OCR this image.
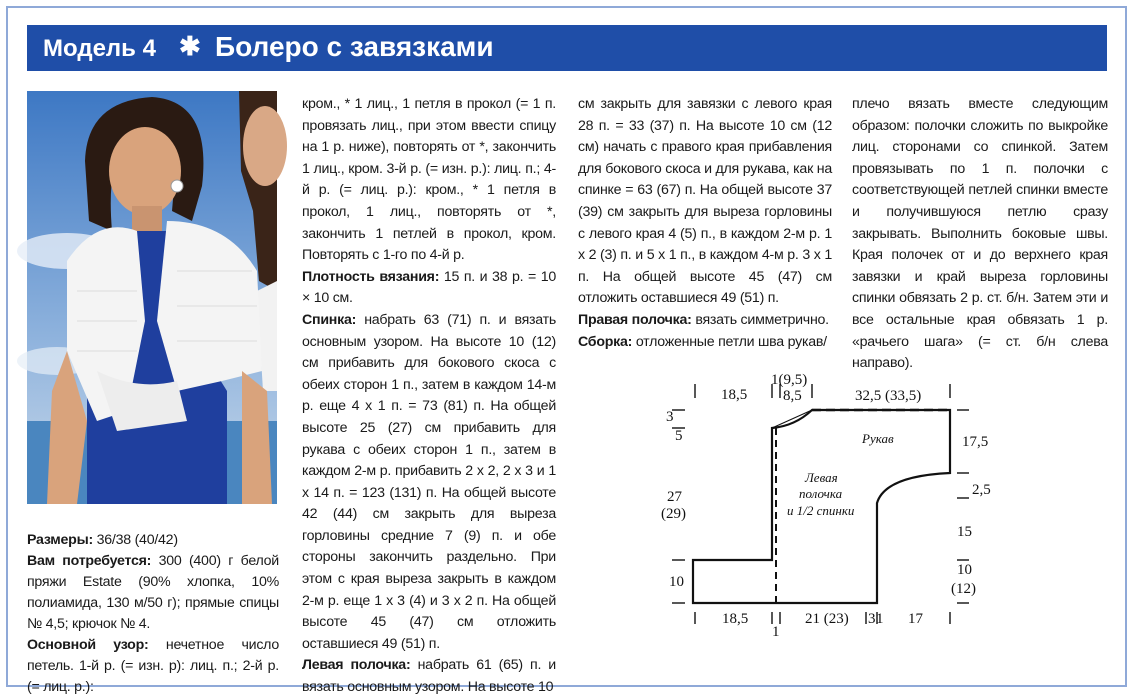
Модель 4 ✱ Болеро с завязками

Размеры: 36/38 (40/42)

Вам потребуется: 300 (400) г белой пряжи Estate (90% хлопка, 10% полиамида, 130 м/50 г); прямые спицы № 4,5; крючок № 4.

Основной узор: нечетное число петель. 1-й р. (= изн. р): лиц. п.; 2-й р. (= лиц. р.):

кром., * 1 лиц., 1 петля в прокол (= 1 п. провязать лиц., при этом ввести спицу на 1 р. ниже), повторять от *, закончить 1 лиц., кром. 3-й р. (= изн. р.): лиц. п.; 4-й р. (= лиц. р.): кром., * 1 петля в прокол, 1 лиц., повторять от *, закончить 1 петлей в прокол, кром. Повторять с 1-го по 4-й р.

Плотность вязания: 15 п. и 38 р. = 10 × 10 см.

Спинка: набрать 63 (71) п. и вязать основным узором. На высоте 10 (12) см прибавить для бокового скоса с обеих сторон 1 п., затем в каждом 14-м р. еще 4 х 1 п. = 73 (81) п. На общей высоте 25 (27) см прибавить для рукава с обеих сторон 1 п., затем в каждом 2-м р. прибавить 2 х 2, 2 х 3 и 1 х 14 п. = 123 (131) п. На общей высоте 42 (44) см закрыть для выреза горловины средние 7 (9) п. и обе стороны закончить раздельно. При этом с края выреза закрыть в каждом 2-м р. еще 1 х 3 (4) и 3 х 2 п. На общей высоте 45 (47) см отложить оставшиеся 49 (51) п.

Левая полочка: набрать 61 (65) п. и вязать основным узором. На высоте 10

см закрыть для завязки с левого края 28 п. = 33 (37) п. На высоте 10 см (12 см) начать с правого края прибавления для бокового скоса и для рукава, как на спинке = 63 (67) п. На общей высоте 37 (39) см закрыть для выреза горловины с левого края 4 (5) п., в каждом 2-м р. 1 х 2 (3) п. и 5 х 1 п., в каждом 4-м р. 3 х 1 п. На общей высоте 45 (47) см отложить оставшиеся 49 (51) п.

Правая полочка: вязать симметрично.

Сборка: отложенные петли шва рукав/

плечо вязать вместе следующим образом: полочки сложить по выкройке лиц. сторонами со спинкой. Затем провязывать по 1 п. полочки с соответствующей петлей спинки вместе и получившуюся петлю сразу закрывать. Выполнить боковые швы. Края полочек от и до верхнего края завязки и край выреза горловины спинки обвязать 2 р. ст. б/н. Затем эти и все остальные края обвязать 1 р. «рачьего шага» (= ст. б/н слева направо).

18,5
1(9,5)
8,5	32,5 (33,5)
3
5
27
(29)
10
17,5
2,5
15
10
(12)
18,5
1
21 (23) 3 1 17
Рукав
Левая
полочка
и 1/2 спинки
